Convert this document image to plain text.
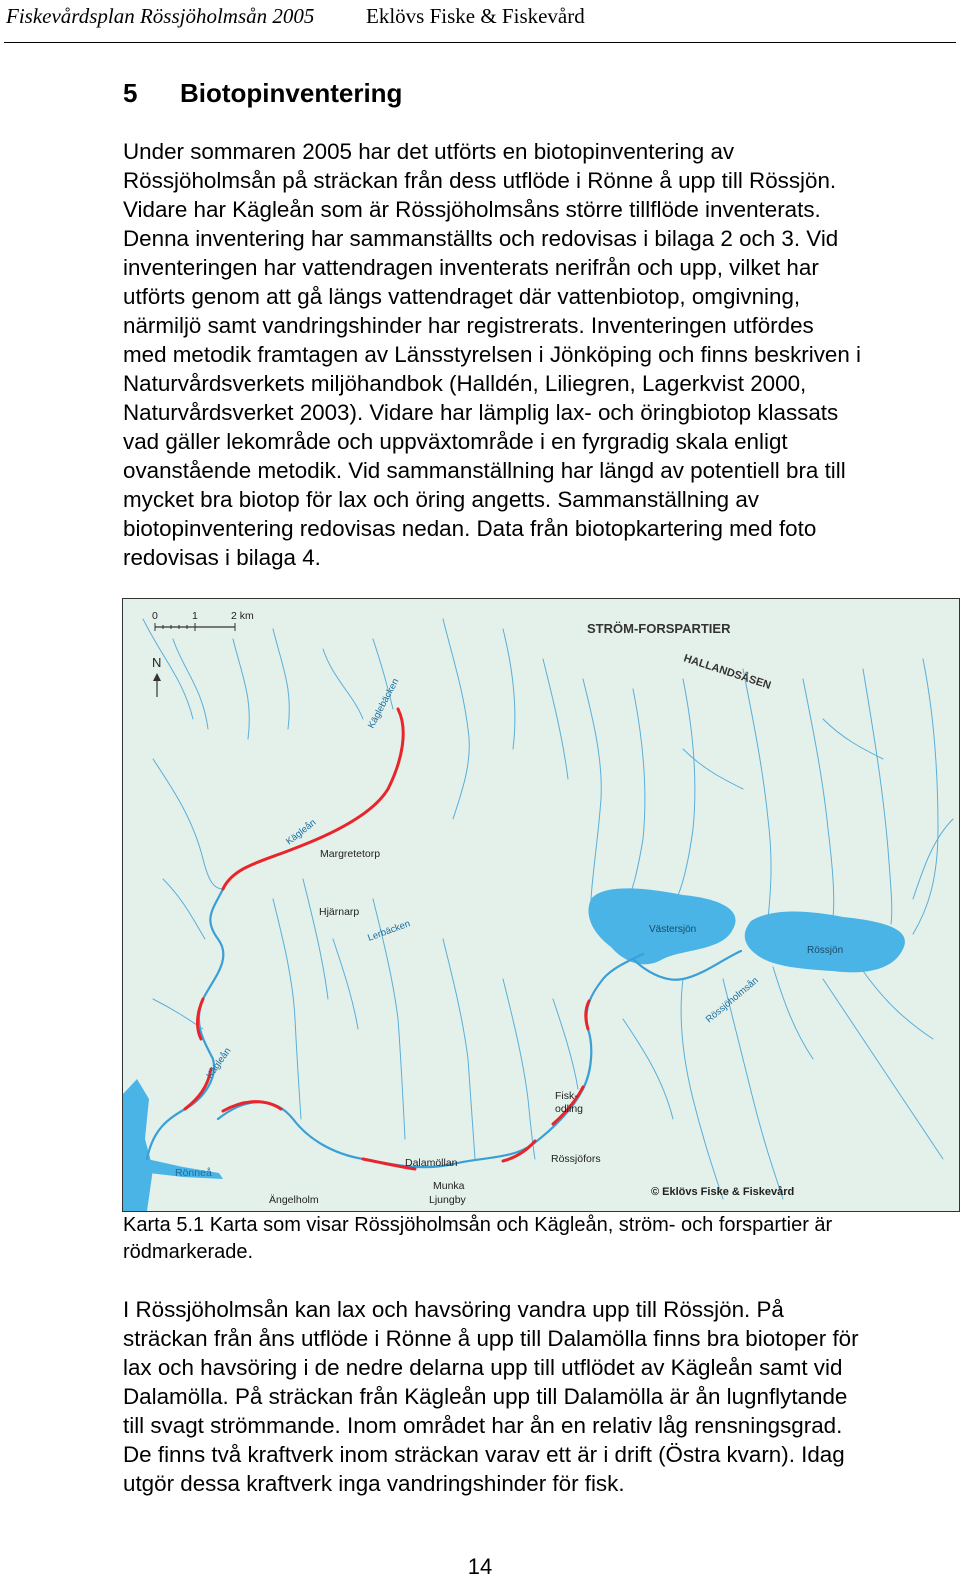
Fiskevårdsplan Rössjöholmsån 2005 Eklövs Fiske & Fiskevård
5 Biotopinventering
Under sommaren 2005 har det utförts en biotopinventering av
Rössjöholmsån på sträckan från dess utflöde i Rönne å upp till Rössjön.
Vidare har Kägleån som är Rössjöholmsåns större tillflöde inventerats.
Denna inventering har sammanställts och redovisas i bilaga 2 och 3. Vid
inventeringen har vattendragen inventerats nerifrån och upp, vilket har
utförts genom att gå längs vattendraget där vattenbiotop, omgivning,
närmiljö samt vandringshinder har registrerats. Inventeringen utfördes
med metodik framtagen av Länsstyrelsen i Jönköping och finns beskriven i
Naturvårdsverkets miljöhandbok (Halldén, Liliegren, Lagerkvist 2000,
Naturvårdsverket 2003). Vidare har lämplig lax- och öringbiotop klassats
vad gäller lekområde och uppväxtområde i en fyrgradig skala enligt
ovanstående metodik. Vid sammanställning har längd av potentiell bra till
mycket bra biotop för lax och öring angetts. Sammanställning av
biotopinventering redovisas nedan. Data från biotopkartering med foto
redovisas i bilaga 4.
0	1	2 km
N
STRÖM-FORSPARTIER
HALLANDSÅSEN
Margretetorp
Hjärnarp
Dalamöllan
Munka
Ljungby
Rössjöfors
Fisk-
odling
Ängelholm
Rönneå
Västersjön
Rössjön
Käglebäcken
Kägleån
Lerbäcken
Kägleån
Rössjöholmsån
© Eklövs Fiske & Fiskevård
Karta 5.1 Karta som visar Rössjöholmsån och Kägleån, ström- och forspartier är
rödmarkerade.
I Rössjöholmsån kan lax och havsöring vandra upp till Rössjön. På
sträckan från åns utflöde i Rönne å upp till Dalamölla finns bra biotoper för
lax och havsöring i de nedre delarna upp till utflödet av Kägleån samt vid
Dalamölla. På sträckan från Kägleån upp till Dalamölla är ån lugnflytande
till svagt strömmande. Inom området har ån en relativ låg rensningsgrad.
De finns två kraftverk inom sträckan varav ett är i drift (Östra kvarn). Idag
utgör dessa kraftverk inga vandringshinder för fisk.
14
